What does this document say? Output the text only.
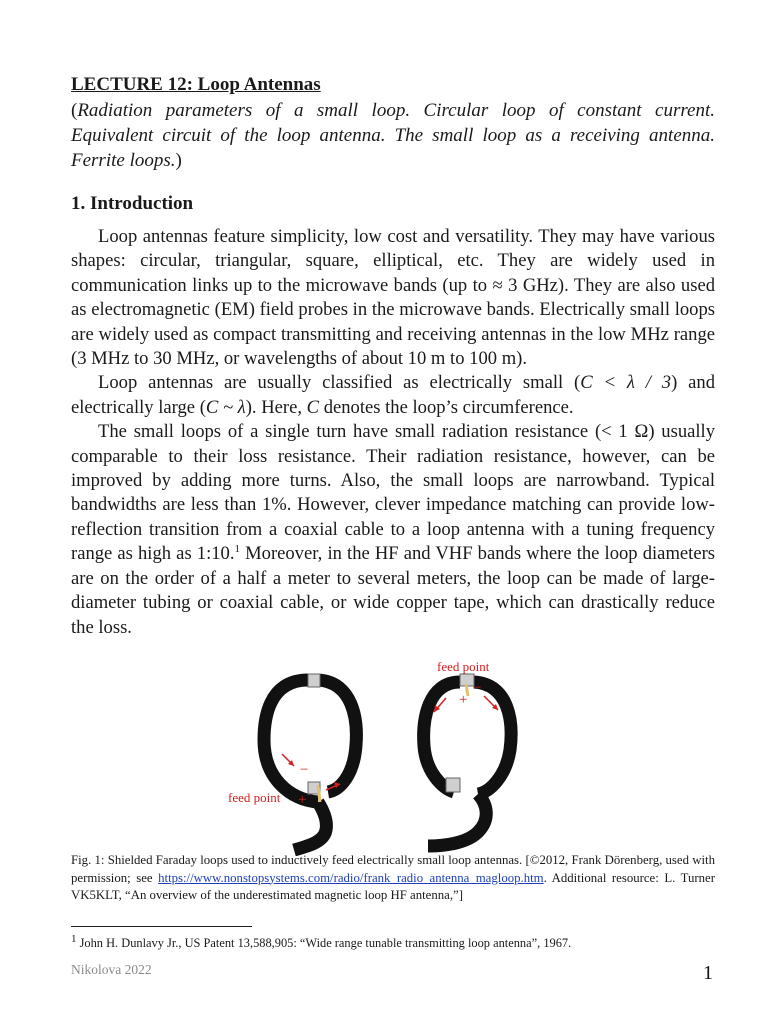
LECTURE 12: Loop Antennas

(Radiation parameters of a small loop. Circular loop of constant current. Equivalent circuit of the loop antenna. The small loop as a receiving antenna. Ferrite loops.)

1. Introduction

Loop antennas feature simplicity, low cost and versatility. They may have various shapes: circular, triangular, square, elliptical, etc. They are widely used in communication links up to the microwave bands (up to ≈ 3 GHz). They are also used as electromagnetic (EM) field probes in the microwave bands. Electrically small loops are widely used as compact transmitting and receiving antennas in the low MHz range (3 MHz to 30 MHz, or wavelengths of about 10 m to 100 m).

Loop antennas are usually classified as electrically small (C < λ / 3) and electrically large (C ~ λ). Here, C denotes the loop’s circumference.

The small loops of a single turn have small radiation resistance (< 1 Ω) usually comparable to their loss resistance. Their radiation resistance, however, can be improved by adding more turns. Also, the small loops are narrowband. Typical bandwidths are less than 1%. However, clever impedance matching can provide low-reflection transition from a coaxial cable to a loop antenna with a tuning frequency range as high as 1:10.$^1$ Moreover, in the HF and VHF bands where the loop diameters are on the order of a half a meter to several meters, the loop can be made of large-diameter tubing or coaxial cable, or wide copper tape, which can drastically reduce the loss.

feed point
feed point
+
−
+
−
Fig. 1: Shielded Faraday loops used to inductively feed electrically small loop antennas. [©2012, Frank Dörenberg, used with permission; see https://www.nonstopsystems.com/radio/frank_radio_antenna_magloop.htm. Additional resource: L. Turner VK5KLT, “An overview of the underestimated magnetic loop HF antenna,”]
$^1$ John H. Dunlavy Jr., US Patent 13,588,905: “Wide range tunable transmitting loop antenna”, 1967.
Nikolova 2022	1
